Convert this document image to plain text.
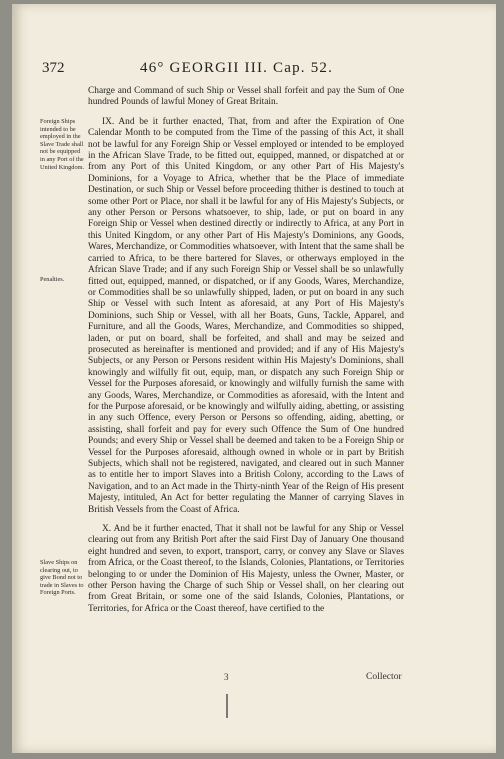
372	46° GEORGII III. Cap. 52.
Foreign Ships intended to be employed in the Slave Trade shall not be equipped in any Port of the United Kingdom.
Penalties.
Slave Ships on clearing out, to give Bond not to trade in Slaves to Foreign Ports.

Charge and Command of such Ship or Vessel shall forfeit and pay the Sum of One hundred Pounds of lawful Money of Great Britain.

IX. And be it further enacted, That, from and after the Expiration of One Calendar Month to be computed from the Time of the passing of this Act, it shall not be lawful for any Foreign Ship or Vessel employed or intended to be employed in the African Slave Trade, to be fitted out, equipped, manned, or dispatched at or from any Port of this United Kingdom, or any other Part of His Majesty's Dominions, for a Voyage to Africa, whether that be the Place of immediate Destination, or such Ship or Vessel before proceeding thither is destined to touch at some other Port or Place, nor shall it be lawful for any of His Majesty's Subjects, or any other Person or Persons whatsoever, to ship, lade, or put on board in any Foreign Ship or Vessel when destined directly or indirectly to Africa, at any Port in this United Kingdom, or any other Part of His Majesty's Dominions, any Goods, Wares, Merchandize, or Commodities whatsoever, with Intent that the same shall be carried to Africa, to be there bartered for Slaves, or otherways employed in the African Slave Trade; and if any such Foreign Ship or Vessel shall be so unlawfully fitted out, equipped, manned, or dispatched, or if any Goods, Wares, Merchandize, or Commodities shall be so unlawfully shipped, laden, or put on board in any such Ship or Vessel with such Intent as aforesaid, at any Port of His Majesty's Dominions, such Ship or Vessel, with all her Boats, Guns, Tackle, Apparel, and Furniture, and all the Goods, Wares, Merchandize, and Commodities so shipped, laden, or put on board, shall be forfeited, and shall and may be seized and prosecuted as hereinafter is mentioned and provided; and if any of His Majesty's Subjects, or any Person or Persons resident within His Majesty's Dominions, shall knowingly and wilfully fit out, equip, man, or dispatch any such Foreign Ship or Vessel for the Purposes aforesaid, or knowingly and wilfully furnish the same with any Goods, Wares, Merchandize, or Commodities as aforesaid, with the Intent and for the Purpose aforesaid, or be knowingly and wilfully aiding, abetting, or assisting in any such Offence, every Person or Persons so offending, aiding, abetting, or assisting, shall forfeit and pay for every such Offence the Sum of One hundred Pounds; and every Ship or Vessel shall be deemed and taken to be a Foreign Ship or Vessel for the Purposes aforesaid, although owned in whole or in part by British Subjects, which shall not be registered, navigated, and cleared out in such Manner as to entitle her to import Slaves into a British Colony, according to the Laws of Navigation, and to an Act made in the Thirty-ninth Year of the Reign of His present Majesty, intituled, An Act for better regulating the Manner of carrying Slaves in British Vessels from the Coast of Africa.

X. And be it further enacted, That it shall not be lawful for any Ship or Vessel clearing out from any British Port after the said First Day of January One thousand eight hundred and seven, to export, transport, carry, or convey any Slave or Slaves from Africa, or the Coast thereof, to the Islands, Colonies, Plantations, or Territories belonging to or under the Dominion of His Majesty, unless the Owner, Master, or other Person having the Charge of such Ship or Vessel shall, on her clearing out from Great Britain, or some one of the said Islands, Colonies, Plantations, or Territories, for Africa or the Coast thereof, have certified to the

3	Collector
